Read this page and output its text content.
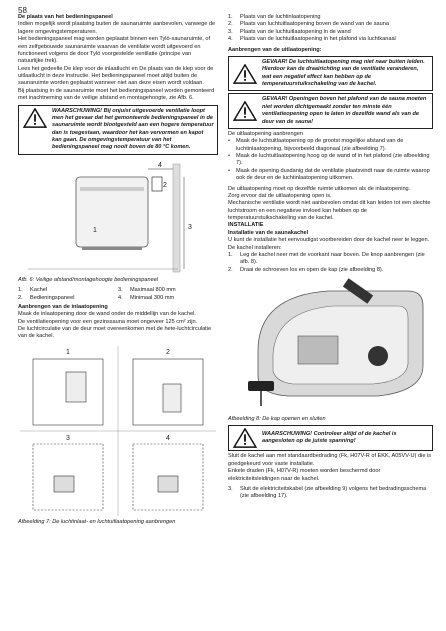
58

De plaats van het bedieningspaneel

Indien mogelijk wordt plaatsing buiten de saunaruimte aanbevolen, vanwege de lagere omgevingstemperaturen.

Het bedieningspaneel mag worden geplaatst binnen een Tylö-saunaruimte, of een zelfgebouwde saunaruimte waarvan de ventilatie wordt uitgevoerd en functioneert volgens de door Tylö voorgestelde ventilatie (principe van natuurlijke trek).

Lees het gedeelte De klep voor de inlaatlucht en De plaats van de klep voor de uitlaatlucht in deze instructie. Het bedieningspaneel moet altijd buiten de saunaruimte worden geplaatst wanneer niet aan deze eisen wordt voldaan.

Bij plaatsing in de saunaruimte moet het bedieningspaneel worden gemonteerd met inachtneming van de veilige afstand en montagehoogte, zie Afb. 6.

WAARSCHUWING! Bij onjuist uitgevoerde ventilatie loopt men het gevaar dat het gemonteerde bedieningspaneel in de saunaruimte wordt blootgesteld aan een hogere temperatuur dan is toegestaan, waardoor het kan vervormen en kapot kan gaan. De omgevingstemperatuur van het bedieningspaneel mag nooit boven de 80 °C komen.
1
2
3
4

Afb. 6: Veilige afstand/montagehoogte bedieningspaneel

1.	Kachel	3.	Maximaal 800 mm
2.	Bedieningspaneel	4.	Minimaal 300 mm

Aanbrengen van de inlaatopening

Maak de inlaatopening door de wand onder de middellijn van de kachel.

De ventilatieopening voor een gezinssauna moet ongeveer 125 cm² zijn.

De luchtcirculatie van de deur moet overeenkomen met de hete-luchtcirculatie van de kachel.

1	2
3	4

Afbeelding 7: De luchtinlaat- en luchtuitlaatopening aanbrengen

1.	Plaats van de luchtinlaatopening
2.	Plaats van luchtuitlaatopening boven de wand van de sauna
3.	Plaats van de luchtuitlaatopening in de wand
4.	Plaats van de luchtuitlaatopening in het plafond via luchtkanaal

Aanbrengen van de uitlaatopening:

GEVAAR! De luchtuitlaatopening mag niet naar buiten leiden. Hierdoor kan de draairichting van de ventilatie veranderen, wat een negatief effect kan hebben op de temperatuurstuikschakeling van de kachel.
GEVAAR! Openingen boven het plafond van de sauna moeten niet worden dichtgemaakt zonder ten minste één ventilatieopening open te laten in dezelfde wand als van de deur van de sauna!

De uitlaatopening aanbrengen

•	Maak de luchtuitlaatopening op de grootst mogelijke afstand van de luchtinlaatopening, bijvoorbeeld diagonaal (zie afbeelding 7).
•	Maak de luchtuitlaatopening hoog op de wand of in het plafond (zie afbeelding 7).
•	Maak de opening dusdanig dat de ventilatie plaatsvindt naar de ruimte waarop ook de deur en de luchtinlaatopening uitkomen.

De uitlaatopening moet op dezelfde ruimte uitkomen als de inlaatopening.

Zorg ervoor dat de uitlaatopening open is.

Mechanische ventilatie wordt niet aanbevolen omdat dit kan leiden tot een slechte luchtstroom en een negatieve invloed kan hebben op de temperatuurstuikschakeling van de kachel.

INSTALLATIE

Installatie van de saunakachel

U kunt de installatie het eenvoudigst voorbereiden door de kachel neer te leggen.

De kachel installeren:

1.	Leg de kachel neer met de voorkant naar boven. De knop aanbrengen (zie afb. 8).
2.	Draai de schroeven los en open de kap (zie afbeelding 8).

Afbeelding 8: De kap openen en sluiten

WAARSCHUWING! Controleer altijd of de kachel is aangesloten op de juiste spanning!

Sluit de kachel aan met standaardbedrading (Fk, H07V-R of EKK, A05VV-U) die is goedgekeurd voor vaste installatie.

Enkele draden (Fk, H07V-R) moeten worden beschermd door elektriciteitsleidingen naar de kachel.

3.	Sluit de elektriciteitskabel (zie afbeelding 9) volgens het bedradingsschema (zie afbeelding 17).
